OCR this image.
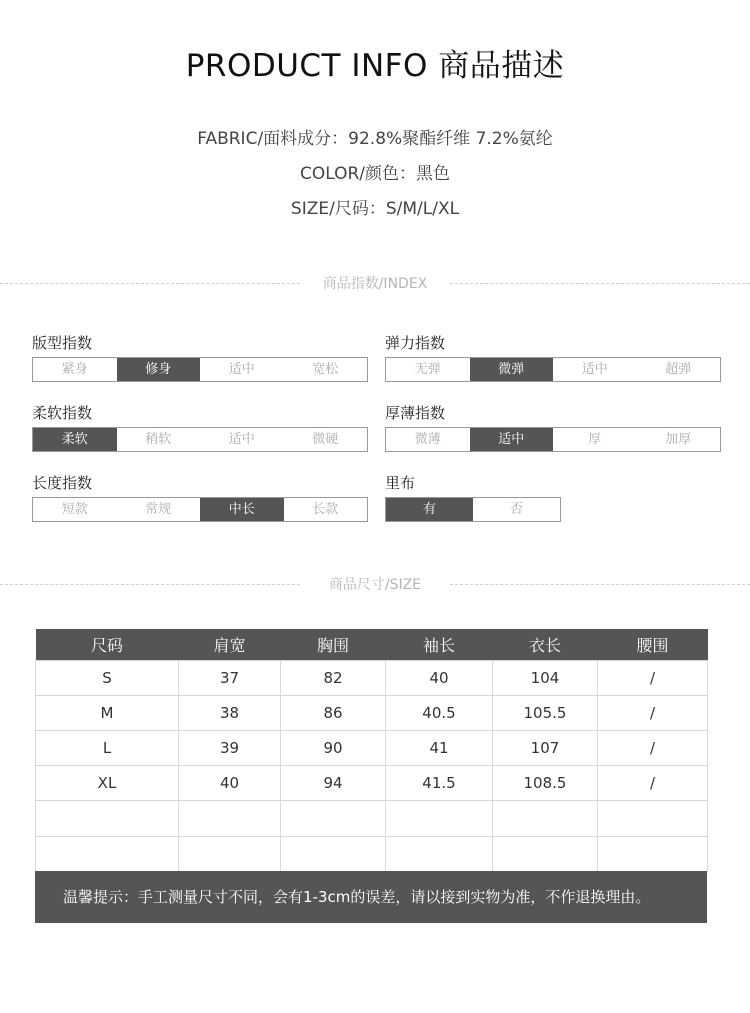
PRODUCT INFO 商品描述
FABRIC/面料成分：92.8%聚酯纤维 7.2%氨纶
COLOR/颜色：黑色
SIZE/尺码：S/M/L/XL
商品指数/INDEX
版型指数
紧身	修身	适中	宽松
弹力指数
无弹	微弹	适中	超弹
柔软指数
柔软	稍软	适中	微硬
厚薄指数
微薄	适中	厚	加厚
长度指数
短款	常规	中长	长款
里布
有	否
商品尺寸/SIZE
尺码	肩宽	胸围	袖长	衣长	腰围
S	37	82	40	104	/
M	38	86	40.5	105.5	/
L	39	90	41	107	/
XL	40	94	41.5	108.5	/

温馨提示：手工测量尺寸不同，会有1-3cm的误差，请以接到实物为准，不作退换理由。
